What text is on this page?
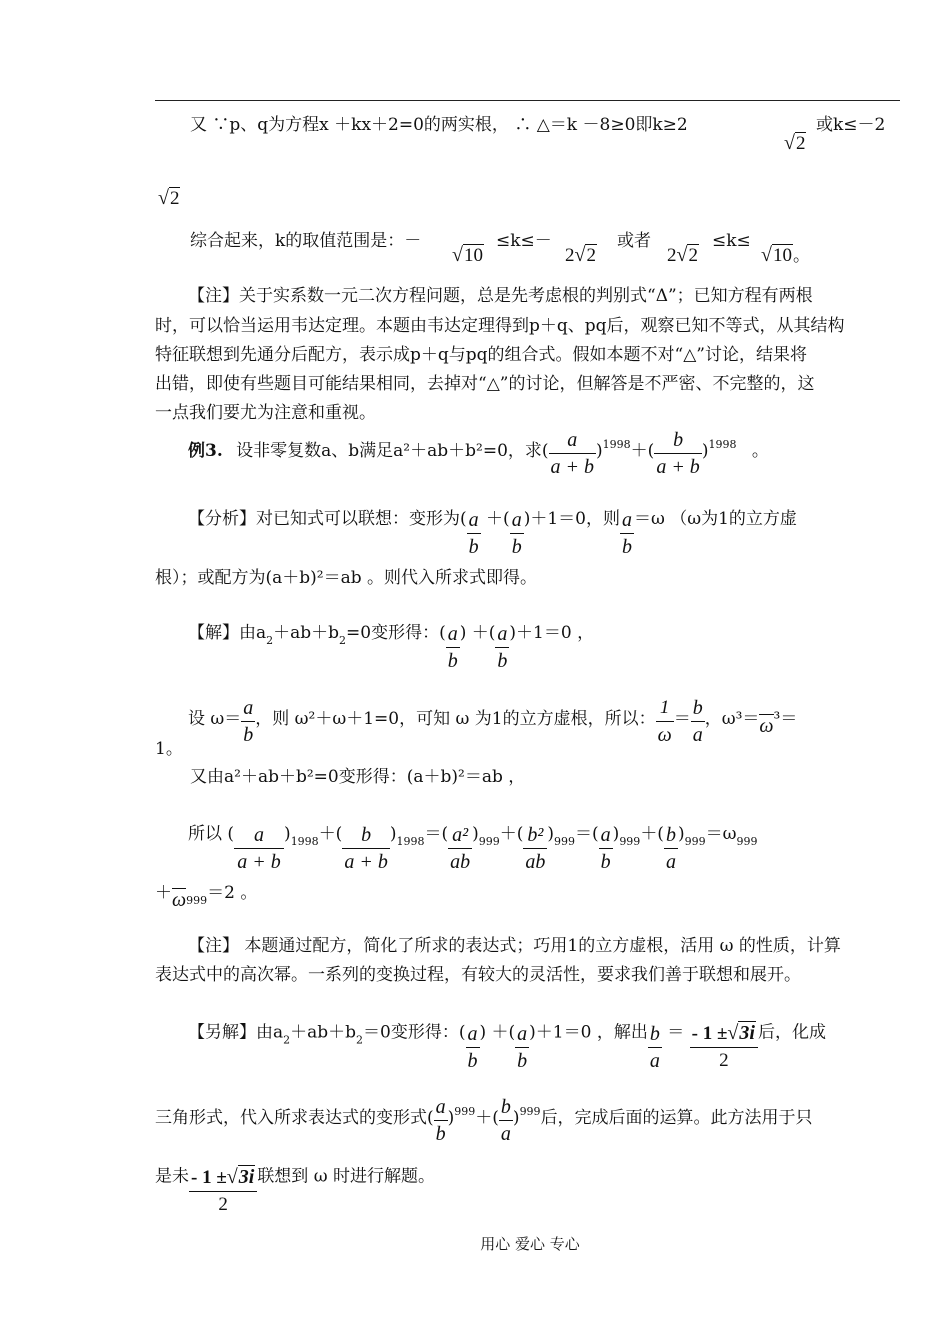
又 ∵p、q为方程x ＋kx＋2=0的两实根， ∴ △＝k －8≥0即k≥2
√2
或k≤－2
√2
综合起来，k的取值范围是：－
√10
≤k≤－
2√2
或者
2√2
≤k≤
√10。
【注】关于实系数一元二次方程问题，总是先考虑根的判别式“Δ”；已知方程有两根
时，可以恰当运用韦达定理。本题由韦达定理得到p＋q、pq后，观察已知不等式，从其结构
特征联想到先通分后配方，表示成p＋q与pq的组合式。假如本题不对“△”讨论，结果将
出错，即使有些题目可能结果相同，去掉对“△”的讨论，但解答是不严密、不完整的，这
一点我们要尤为注意和重视。
例3. 设非零复数a、b满足a²＋ab＋b²=0，求( $\frac{a}{a + b} )^{1998}+( \frac{b}{a + b} )^{1998}$ 。
【分析】对已知式可以联想：变形为( $\frac{a}{b}$ ＋( $\frac{a}{b} )+1=0$，则 $\frac{a}{b} =\omega$ （ω为1的立方虚
根）；或配方为(a＋b)²＝ab 。则代入所求式即得。
【解】由$a_2+ab+b_2=0$变形得：( $\frac{a}{b}$ ) ＋( $\frac{a}{b} )+1=0$ ，
设 $\omega= \frac{a}{b}$ ，则 ω²＋ω＋1=0，可知 ω 为1的立方虚根，所以： $\frac{1}{\omega} = \frac{b}{a}$ ，ω³＝ω³＝
1。
又由a²＋ab＋b²=0变形得：(a＋b)²＝ab ，
所以 ( $\frac{a}{a + b} )_{1998}+( \frac{b}{a + b} )_{1998}=( \frac{\text{a²}}{ab} )_{999}+( \frac{\text{b²}}{ab} )_{999}=( \frac{a}{b} )_{999}+( \frac{b}{a} )_{999}=\omega_{999}$
$+\omega_{999}=2$ 。
【注】 本题通过配方，简化了所求的表达式；巧用1的立方虚根，活用 ω 的性质，计算
表达式中的高次幂。一系列的变换过程，有较大的灵活性，要求我们善于联想和展开。
【另解】由$a_2+ab+b_2=0$变形得：( $\frac{a}{b}$ ) ＋( $\frac{a}{b} )+1=0$ ，解出 $\frac{b}{a} = \frac{- 1 \pm√3i}{2}$ 后，化成
三角形式，代入所求表达式的变形式( $\frac{a}{b} )^{999}+( \frac{b}{a} )^{999}$后，完成后面的运算。此方法用于只
是未 $\frac{- 1 \pm√3i}{2}$ 联想到 ω 时进行解题。
用心 爱心 专心
